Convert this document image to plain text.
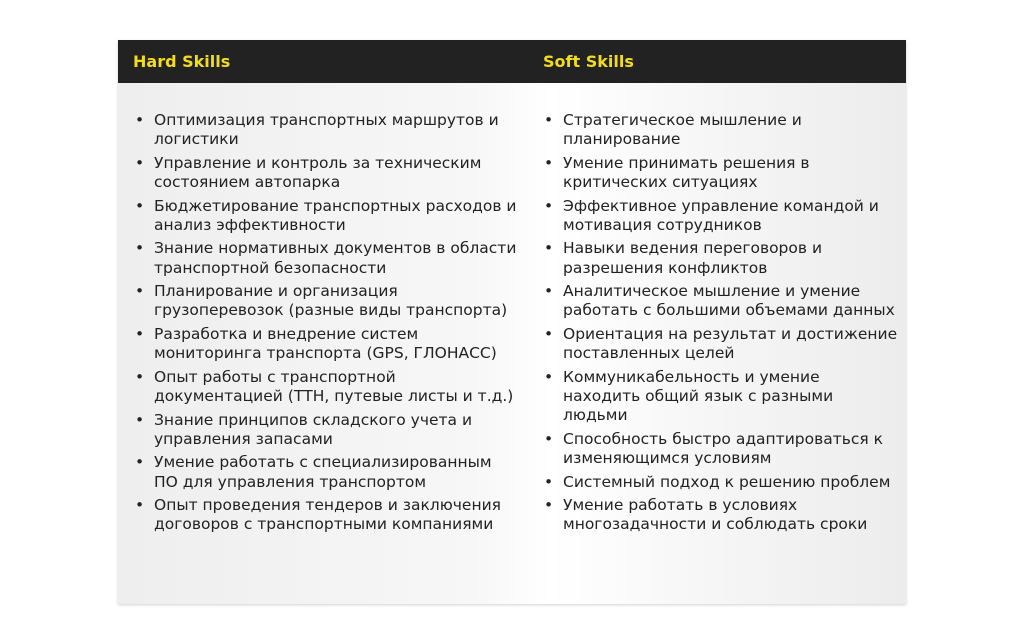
Hard Skills	Soft Skills
• Оптимизация транспортных маршрутов и логистики
• Управление и контроль за техническим состоянием автопарка
• Бюджетирование транспортных расходов и анализ эффективности
• Знание нормативных документов в области транспортной безопасности
• Планирование и организация грузоперевозок (разные виды транспорта)
• Разработка и внедрение систем мониторинга транспорта (GPS, ГЛОНАСС)
• Опыт работы с транспортной документацией (ТТН, путевые листы и т.д.)
• Знание принципов складского учета и управления запасами
• Умение работать с специализированным ПО для управления транспортом
• Опыт проведения тендеров и заключения договоров с транспортными компаниями
• Стратегическое мышление и планирование
• Умение принимать решения в критических ситуациях
• Эффективное управление командой и мотивация сотрудников
• Навыки ведения переговоров и разрешения конфликтов
• Аналитическое мышление и умение работать с большими объемами данных
• Ориентация на результат и достижение поставленных целей
• Коммуникабельность и умение находить общий язык с разными людьми
• Способность быстро адаптироваться к изменяющимся условиям
• Системный подход к решению проблем
• Умение работать в условиях многозадачности и соблюдать сроки
